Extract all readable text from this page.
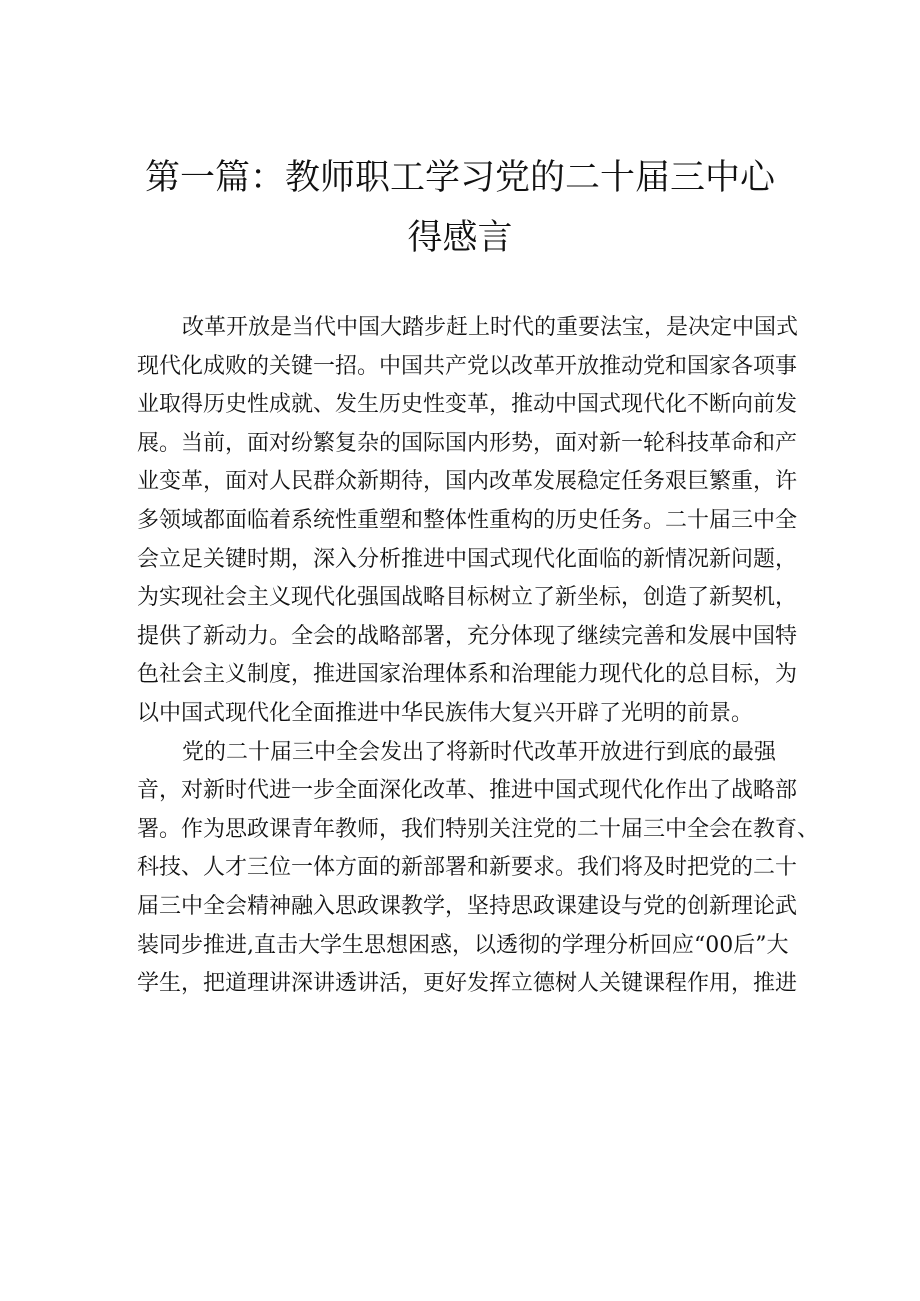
第一篇：教师职工学习党的二十届三中心
得感言

改革开放是当代中国大踏步赶上时代的重要法宝，是决定中国式
现代化成败的关键一招。中国共产党以改革开放推动党和国家各项事
业取得历史性成就、发生历史性变革，推动中国式现代化不断向前发
展。当前，面对纷繁复杂的国际国内形势，面对新一轮科技革命和产
业变革，面对人民群众新期待，国内改革发展稳定任务艰巨繁重，许
多领域都面临着系统性重塑和整体性重构的历史任务。二十届三中全
会立足关键时期，深入分析推进中国式现代化面临的新情况新问题，
为实现社会主义现代化强国战略目标树立了新坐标，创造了新契机，
提供了新动力。全会的战略部署，充分体现了继续完善和发展中国特
色社会主义制度，推进国家治理体系和治理能力现代化的总目标，为
以中国式现代化全面推进中华民族伟大复兴开辟了光明的前景。

党的二十届三中全会发出了将新时代改革开放进行到底的最强
音，对新时代进一步全面深化改革、推进中国式现代化作出了战略部
署。作为思政课青年教师，我们特别关注党的二十届三中全会在教育、
科技、人才三位一体方面的新部署和新要求。我们将及时把党的二十
届三中全会精神融入思政课教学，坚持思政课建设与党的创新理论武
装同步推进,直击大学生思想困惑，以透彻的学理分析回应“00后”大
学生，把道理讲深讲透讲活，更好发挥立德树人关键课程作用，推进
